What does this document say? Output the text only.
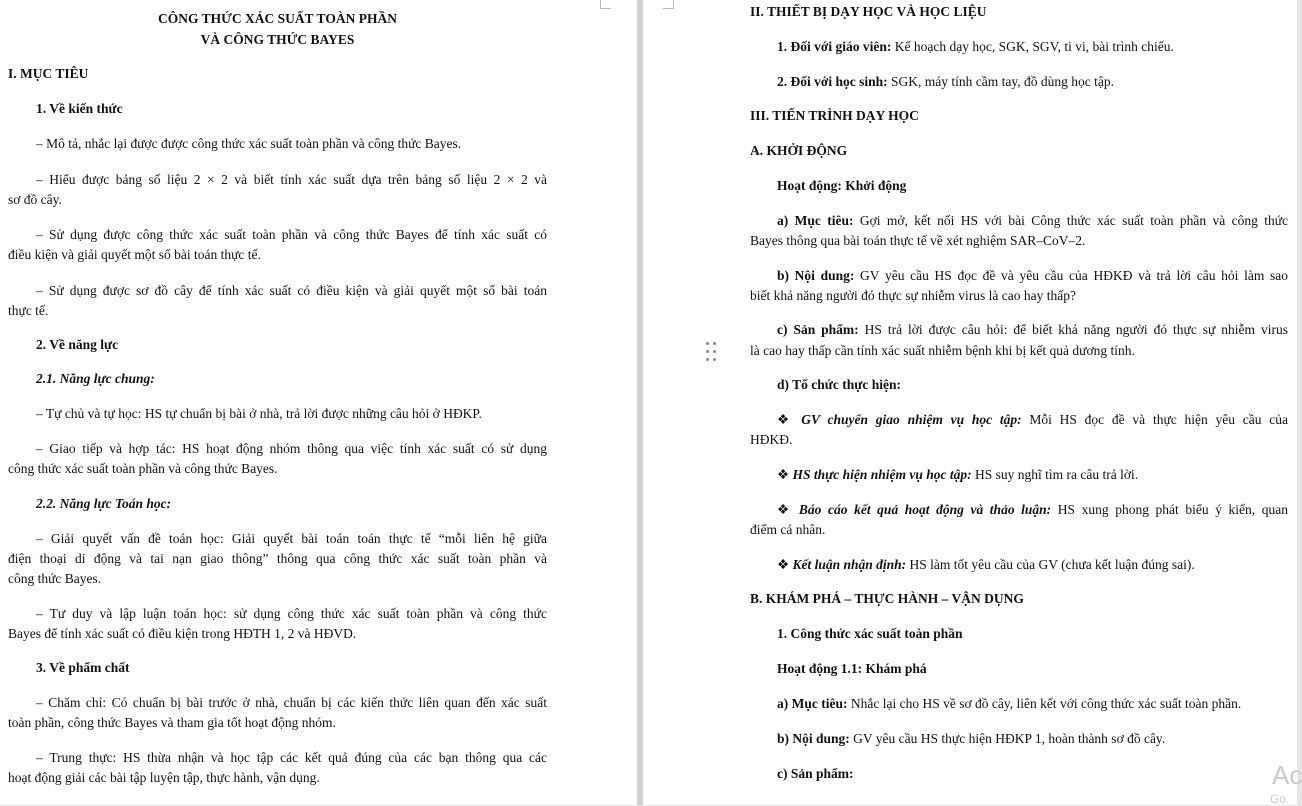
CÔNG THỨC XÁC SUẤT TOÀN PHẦN
VÀ CÔNG THỨC BAYES
I. MỤC TIÊU
1. Về kiến thức
– Mô tả, nhắc lại được được công thức xác suất toàn phần và công thức Bayes.
– Hiểu được bảng số liệu 2 × 2 và biết tính xác suất dựa trên bảng số liệu 2 × 2 và
sơ đồ cây.
– Sử dụng được công thức xác suất toàn phần và công thức Bayes để tính xác suất có
điều kiện và giải quyết một số bài toán thực tế.
– Sử dụng được sơ đồ cây để tính xác suất có điều kiện và giải quyết một số bài toán
thực tế.
2. Về năng lực
2.1. Năng lực chung:
– Tự chủ và tự học: HS tự chuẩn bị bài ở nhà, trả lời được những câu hỏi ở HĐKP.
– Giao tiếp và hợp tác: HS hoạt động nhóm thông qua việc tính xác suất có sử dụng
công thức xác suất toàn phần và công thức Bayes.
2.2. Năng lực Toán học:
– Giải quyết vấn đề toán học: Giải quyết bài toán toán thực tế “mỗi liên hệ giữa
điện thoại di động và tai nạn giao thông” thông qua công thức xác suất toàn phần và
công thức Bayes.
– Tư duy và lập luận toán học: sử dụng công thức xác suất toàn phần và công thức
Bayes để tính xác suất có điều kiện trong HĐTH 1, 2 và HĐVD.
3. Về phẩm chất
– Chăm chỉ: Có chuẩn bị bài trước ở nhà, chuẩn bị các kiến thức liên quan đến xác suất
toàn phần, công thức Bayes và tham gia tốt hoạt động nhóm.
– Trung thực: HS thừa nhận và học tập các kết quả đúng của các bạn thông qua các
hoạt động giải các bài tập luyện tập, thực hành, vận dụng.
II. THIẾT BỊ DẠY HỌC VÀ HỌC LIỆU
1. Đối với giáo viên: Kế hoạch dạy học, SGK, SGV, ti vi, bài trình chiếu.
2. Đối với học sinh: SGK, máy tính cầm tay, đồ dùng học tập.
III. TIẾN TRÌNH DẠY HỌC
A. KHỞI ĐỘNG
Hoạt động: Khởi động
a) Mục tiêu: Gợi mở, kết nối HS với bài Công thức xác suất toàn phần và công thức
Bayes thông qua bài toán thực tế về xét nghiệm SAR–CoV–2.
b) Nội dung: GV yêu cầu HS đọc đề và yêu cầu của HĐKĐ và trả lời câu hỏi làm sao
biết khả năng người đó thực sự nhiễm virus là cao hay thấp?
c) Sản phẩm: HS trả lời được câu hỏi: để biết khả năng người đó thực sự nhiễm virus
là cao hay thấp cần tính xác suất nhiễm bệnh khi bị kết quả dương tính.
d) Tổ chức thực hiện:
❖ GV chuyển giao nhiệm vụ học tập: Mỗi HS đọc đề và thực hiện yêu cầu của
HĐKĐ.
❖ HS thực hiện nhiệm vụ học tập: HS suy nghĩ tìm ra câu trả lời.
❖ Báo cáo kết quả hoạt động và thảo luận: HS xung phong phát biểu ý kiến, quan
điểm cá nhân.
❖ Kết luận nhận định: HS làm tốt yêu cầu của GV (chưa kết luận đúng sai).
B. KHÁM PHÁ – THỰC HÀNH – VẬN DỤNG
1. Công thức xác suất toàn phần
Hoạt động 1.1: Khám phá
a) Mục tiêu: Nhắc lại cho HS về sơ đồ cây, liên kết với công thức xác suất toàn phần.
b) Nội dung: GV yêu cầu HS thực hiện HĐKP 1, hoàn thành sơ đồ cây.
c) Sản phẩm:	Ac
Go
